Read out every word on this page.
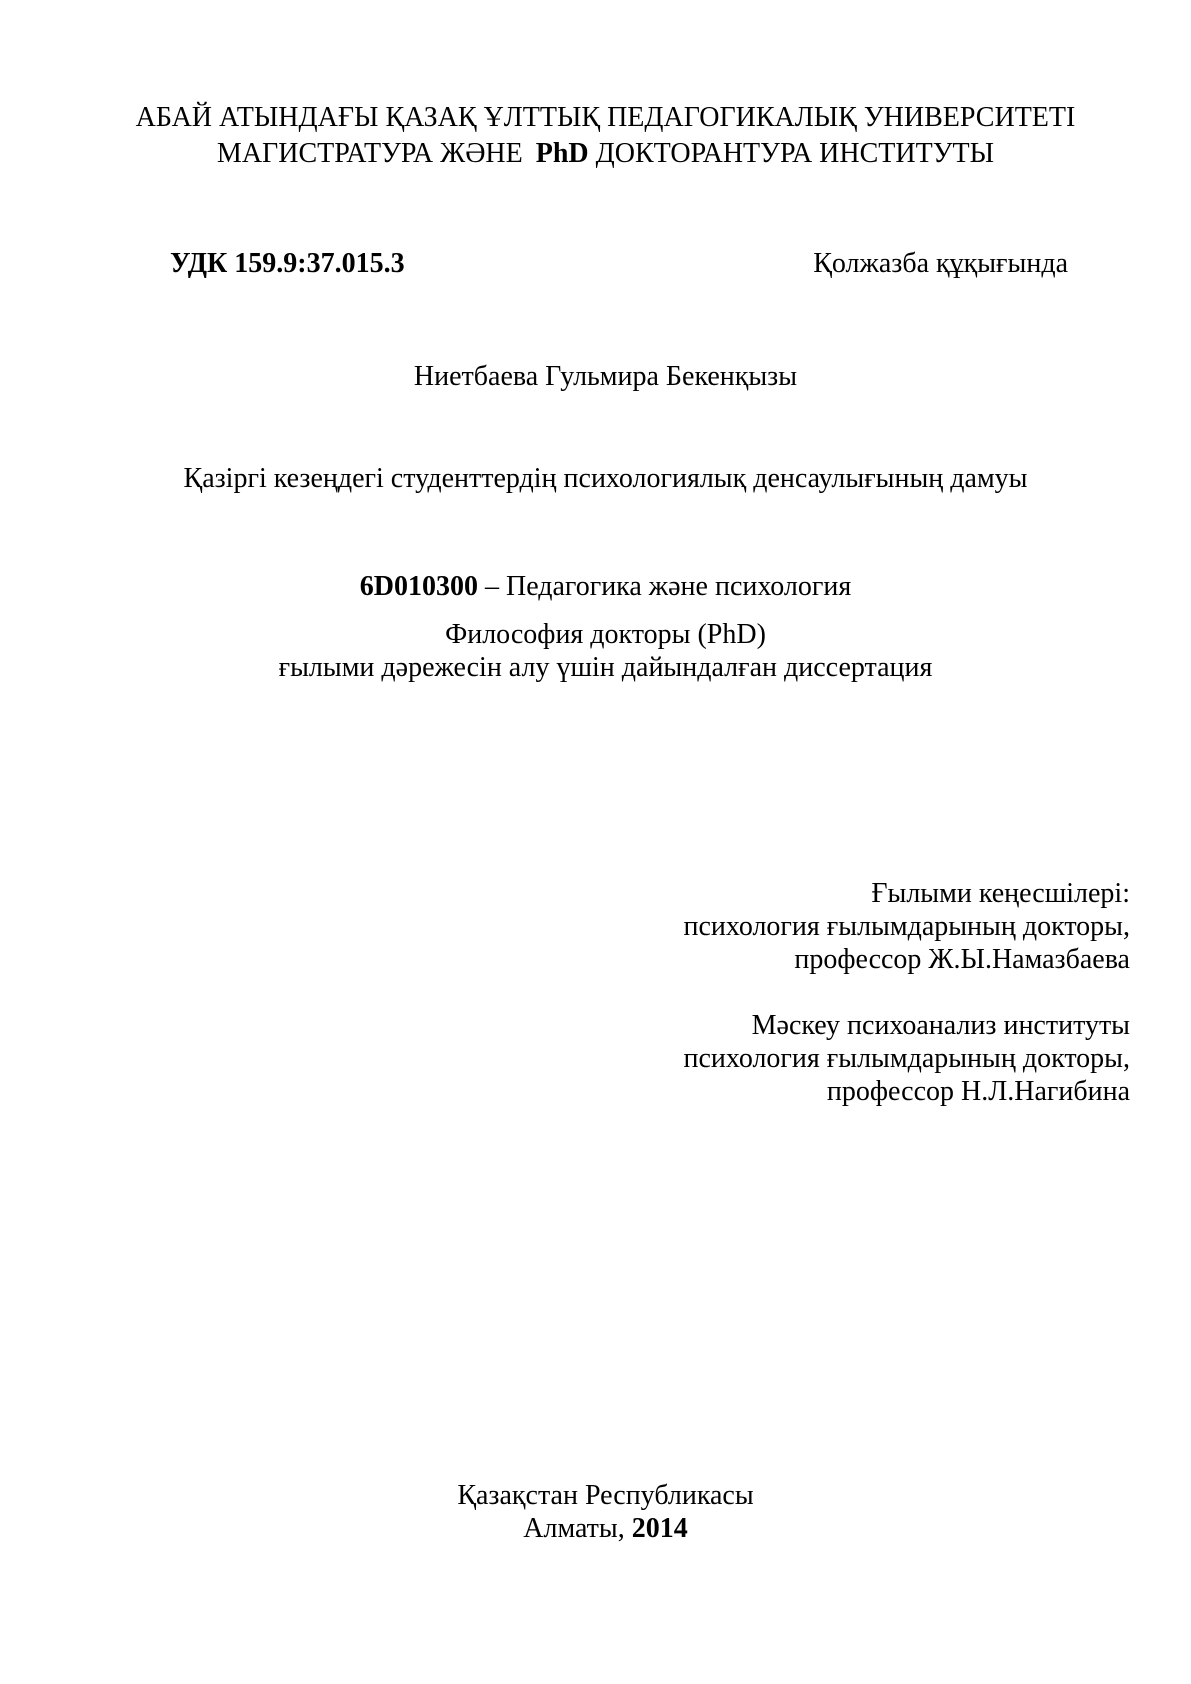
АБАЙ АТЫНДАҒЫ ҚАЗАҚ ҰЛТТЫҚ ПЕДАГОГИКАЛЫҚ УНИВЕРСИТЕТІ
МАГИСТРАТУРА ЖӘНЕ PhD ДОКТОРАНТУРА ИНСТИТУТЫ
УДК 159.9:37.015.3	Қолжазба құқығында
Ниетбаева Гульмира Бекенқызы
Қазіргі кезеңдегі студенттердің психологиялық денсаулығының дамуы
6D010300 – Педагогика және психология
Философия докторы (PhD)
ғылыми дәрежесін алу үшін дайындалған диссертация
Ғылыми кеңесшілері:
психология ғылымдарының докторы,
профессор Ж.Ы.Намазбаева
Мәскеу психоанализ институты
психология ғылымдарының докторы,
профессор Н.Л.Нагибина
Қазақстан Республикасы
Алматы, 2014
